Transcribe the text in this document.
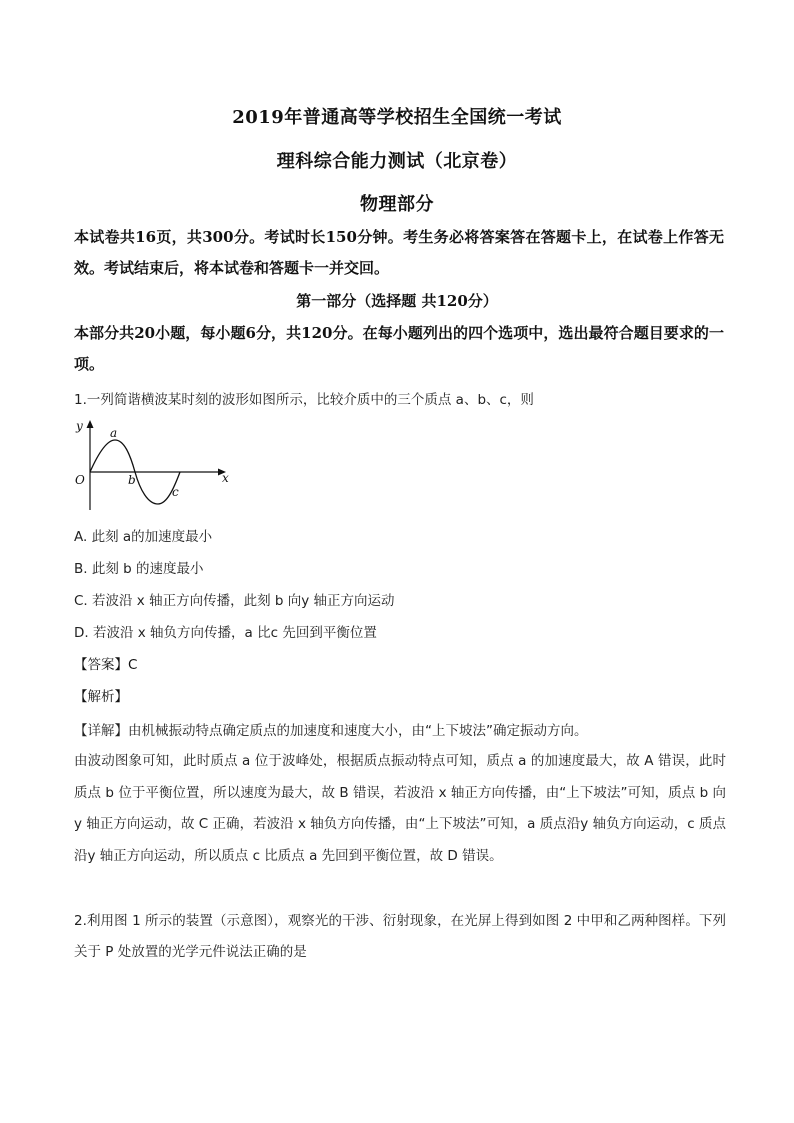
2019年普通高等学校招生全国统一考试
理科综合能力测试（北京卷）
物理部分
本试卷共16页，共300分。考试时长150分钟。考生务必将答案答在答题卡上，在试卷上作答无效。考试结束后，将本试卷和答题卡一并交回。
第一部分（选择题 共120分）
本部分共20小题，每小题6分，共120分。在每小题列出的四个选项中，选出最符合题目要求的一项。
1.一列简谐横波某时刻的波形如图所示，比较介质中的三个质点 a、b、c，则
y
x
O
a
b
c
A. 此刻 a的加速度最小
B. 此刻 b 的速度最小
C. 若波沿 x 轴正方向传播，此刻 b 向y 轴正方向运动
D. 若波沿 x 轴负方向传播，a 比c 先回到平衡位置
【答案】C
【解析】
【详解】由机械振动特点确定质点的加速度和速度大小，由“上下坡法”确定振动方向。
由波动图象可知，此时质点 a 位于波峰处，根据质点振动特点可知，质点 a 的加速度最大，故 A 错误，此时质点 b 位于平衡位置，所以速度为最大，故 B 错误，若波沿 x 轴正方向传播，由“上下坡法”可知，质点 b 向y 轴正方向运动，故 C 正确，若波沿 x 轴负方向传播，由“上下坡法”可知，a 质点沿y 轴负方向运动，c 质点沿y 轴正方向运动，所以质点 c 比质点 a 先回到平衡位置，故 D 错误。
2.利用图 1 所示的装置（示意图），观察光的干涉、衍射现象，在光屏上得到如图 2 中甲和乙两种图样。下列关于 P 处放置的光学元件说法正确的是
